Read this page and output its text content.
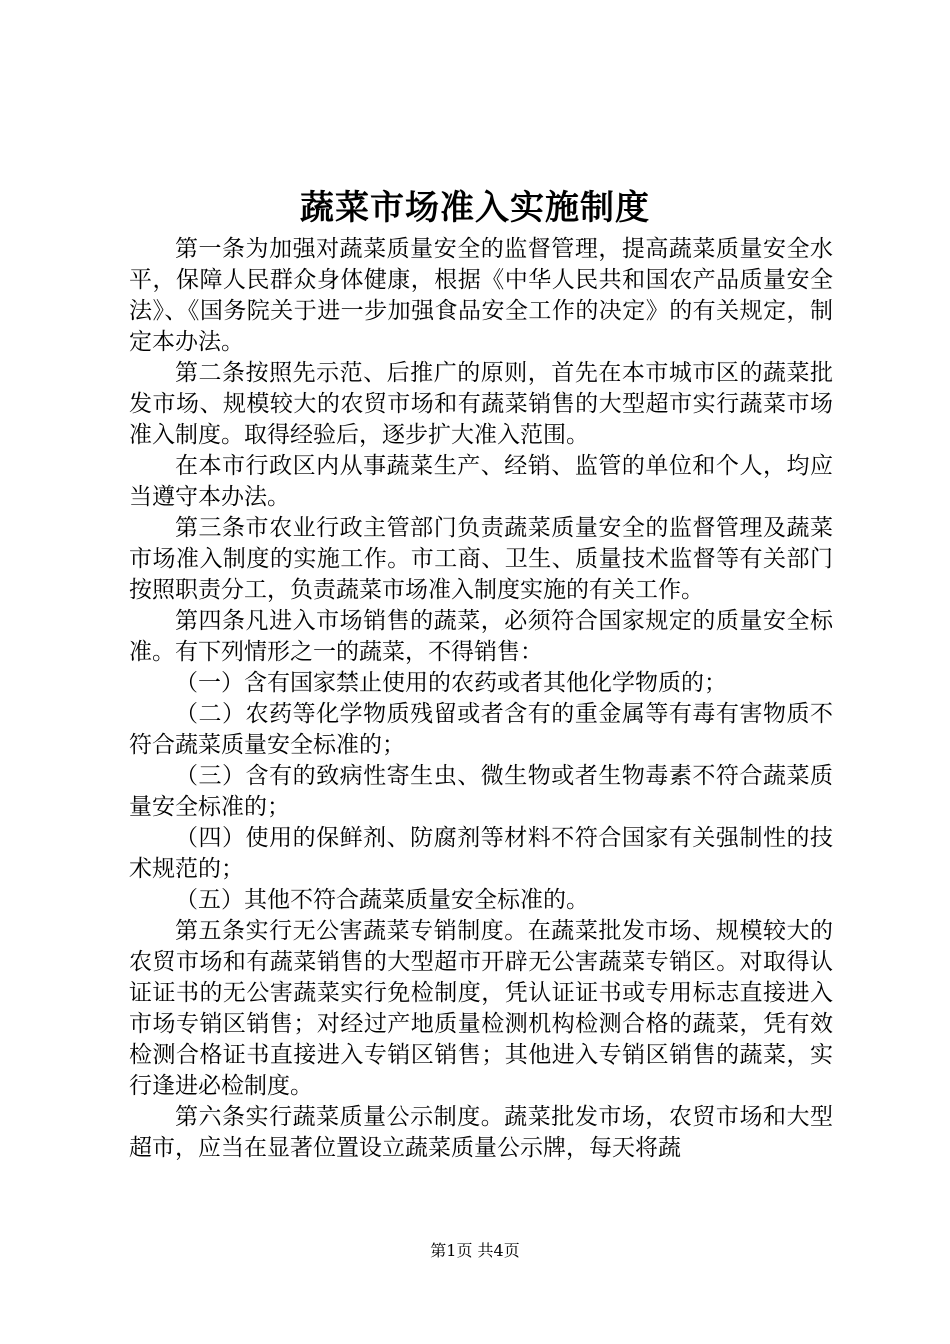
蔬菜市场准入实施制度

第一条为加强对蔬菜质量安全的监督管理，提高蔬菜质量安全水平，保障人民群众身体健康，根据《中华人民共和国农产品质量安全法》、《国务院关于进一步加强食品安全工作的决定》的有关规定，制定本办法。

第二条按照先示范、后推广的原则，首先在本市城市区的蔬菜批发市场、规模较大的农贸市场和有蔬菜销售的大型超市实行蔬菜市场准入制度。取得经验后，逐步扩大准入范围。

在本市行政区内从事蔬菜生产、经销、监管的单位和个人，均应当遵守本办法。

第三条市农业行政主管部门负责蔬菜质量安全的监督管理及蔬菜市场准入制度的实施工作。市工商、卫生、质量技术监督等有关部门按照职责分工，负责蔬菜市场准入制度实施的有关工作。

第四条凡进入市场销售的蔬菜，必须符合国家规定的质量安全标准。有下列情形之一的蔬菜，不得销售：

（一）含有国家禁止使用的农药或者其他化学物质的；

（二）农药等化学物质残留或者含有的重金属等有毒有害物质不符合蔬菜质量安全标准的；

（三）含有的致病性寄生虫、微生物或者生物毒素不符合蔬菜质量安全标准的；

（四）使用的保鲜剂、防腐剂等材料不符合国家有关强制性的技术规范的；

（五）其他不符合蔬菜质量安全标准的。

第五条实行无公害蔬菜专销制度。在蔬菜批发市场、规模较大的农贸市场和有蔬菜销售的大型超市开辟无公害蔬菜专销区。对取得认证证书的无公害蔬菜实行免检制度，凭认证证书或专用标志直接进入市场专销区销售；对经过产地质量检测机构检测合格的蔬菜，凭有效检测合格证书直接进入专销区销售；其他进入专销区销售的蔬菜，实行逢进必检制度。

第六条实行蔬菜质量公示制度。蔬菜批发市场，农贸市场和大型超市，应当在显著位置设立蔬菜质量公示牌，每天将蔬

第1页 共4页
